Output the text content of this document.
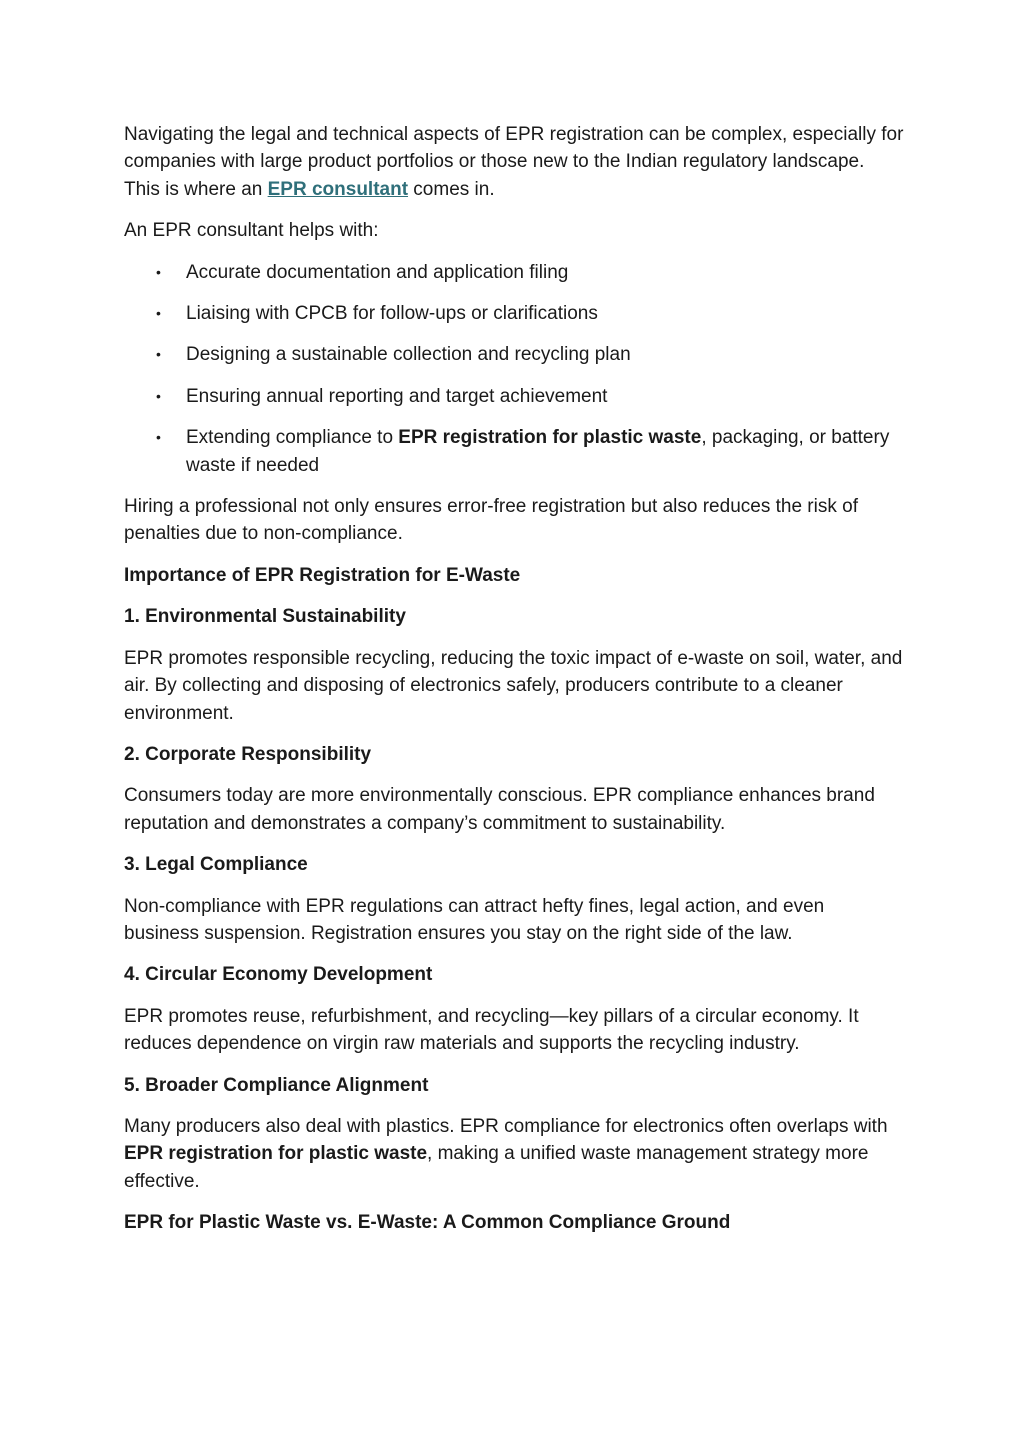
Navigating the legal and technical aspects of EPR registration can be complex, especially for companies with large product portfolios or those new to the Indian regulatory landscape. This is where an EPR consultant comes in.

An EPR consultant helps with:

• Accurate documentation and application filing
• Liaising with CPCB for follow-ups or clarifications
• Designing a sustainable collection and recycling plan
• Ensuring annual reporting and target achievement
• Extending compliance to EPR registration for plastic waste, packaging, or battery waste if needed

Hiring a professional not only ensures error-free registration but also reduces the risk of penalties due to non-compliance.

Importance of EPR Registration for E-Waste

1. Environmental Sustainability

EPR promotes responsible recycling, reducing the toxic impact of e-waste on soil, water, and air. By collecting and disposing of electronics safely, producers contribute to a cleaner environment.

2. Corporate Responsibility

Consumers today are more environmentally conscious. EPR compliance enhances brand reputation and demonstrates a company’s commitment to sustainability.

3. Legal Compliance

Non-compliance with EPR regulations can attract hefty fines, legal action, and even business suspension. Registration ensures you stay on the right side of the law.

4. Circular Economy Development

EPR promotes reuse, refurbishment, and recycling—key pillars of a circular economy. It reduces dependence on virgin raw materials and supports the recycling industry.

5. Broader Compliance Alignment

Many producers also deal with plastics. EPR compliance for electronics often overlaps with EPR registration for plastic waste, making a unified waste management strategy more effective.

EPR for Plastic Waste vs. E-Waste: A Common Compliance Ground
